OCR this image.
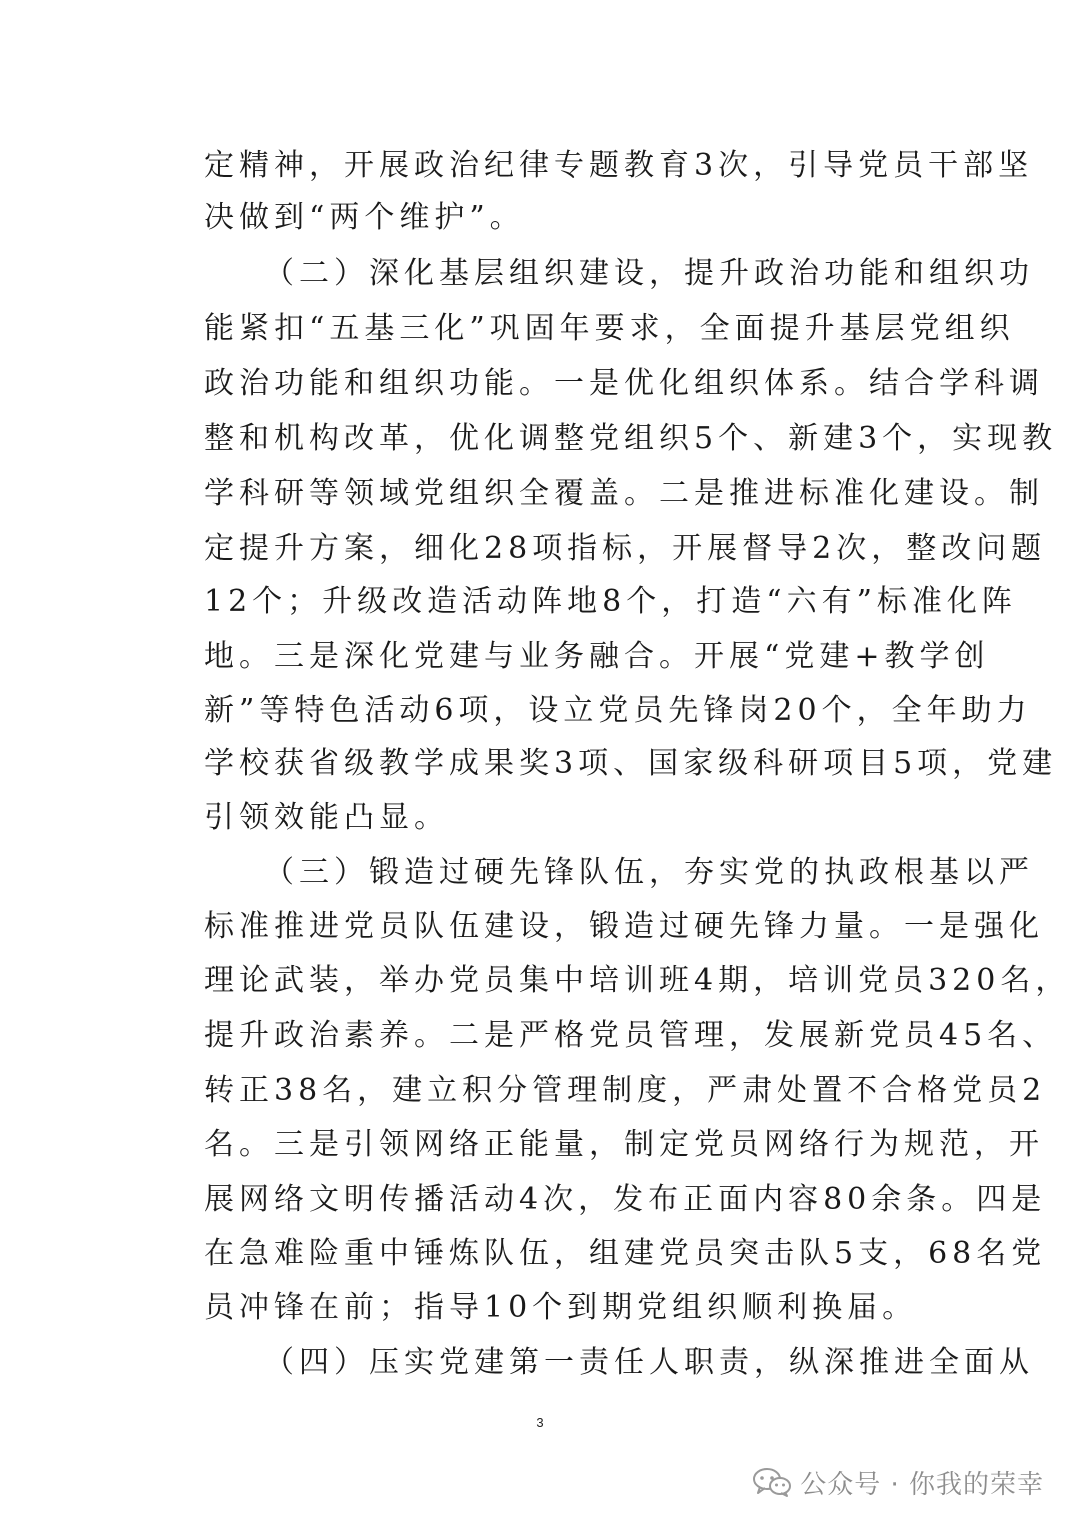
定精神，开展政治纪律专题教育3次，引导党员干部坚
决做到“两个维护”。
（二）深化基层组织建设，提升政治功能和组织功
能紧扣“五基三化”巩固年要求，全面提升基层党组织
政治功能和组织功能。一是优化组织体系。结合学科调
整和机构改革，优化调整党组织5个、新建3个，实现教
学科研等领域党组织全覆盖。二是推进标准化建设。制
定提升方案，细化28项指标，开展督导2次，整改问题
12个；升级改造活动阵地8个，打造“六有”标准化阵
地。三是深化党建与业务融合。开展“党建+教学创
新”等特色活动6项，设立党员先锋岗20个，全年助力
学校获省级教学成果奖3项、国家级科研项目5项，党建
引领效能凸显。
（三）锻造过硬先锋队伍，夯实党的执政根基以严
标准推进党员队伍建设，锻造过硬先锋力量。一是强化
理论武装，举办党员集中培训班4期，培训党员320名，
提升政治素养。二是严格党员管理，发展新党员45名、
转正38名，建立积分管理制度，严肃处置不合格党员2
名。三是引领网络正能量，制定党员网络行为规范，开
展网络文明传播活动4次，发布正面内容80余条。四是
在急难险重中锤炼队伍，组建党员突击队5支，68名党
员冲锋在前；指导10个到期党组织顺利换届。
（四）压实党建第一责任人职责，纵深推进全面从
3
公众号 · 你我的荣幸
